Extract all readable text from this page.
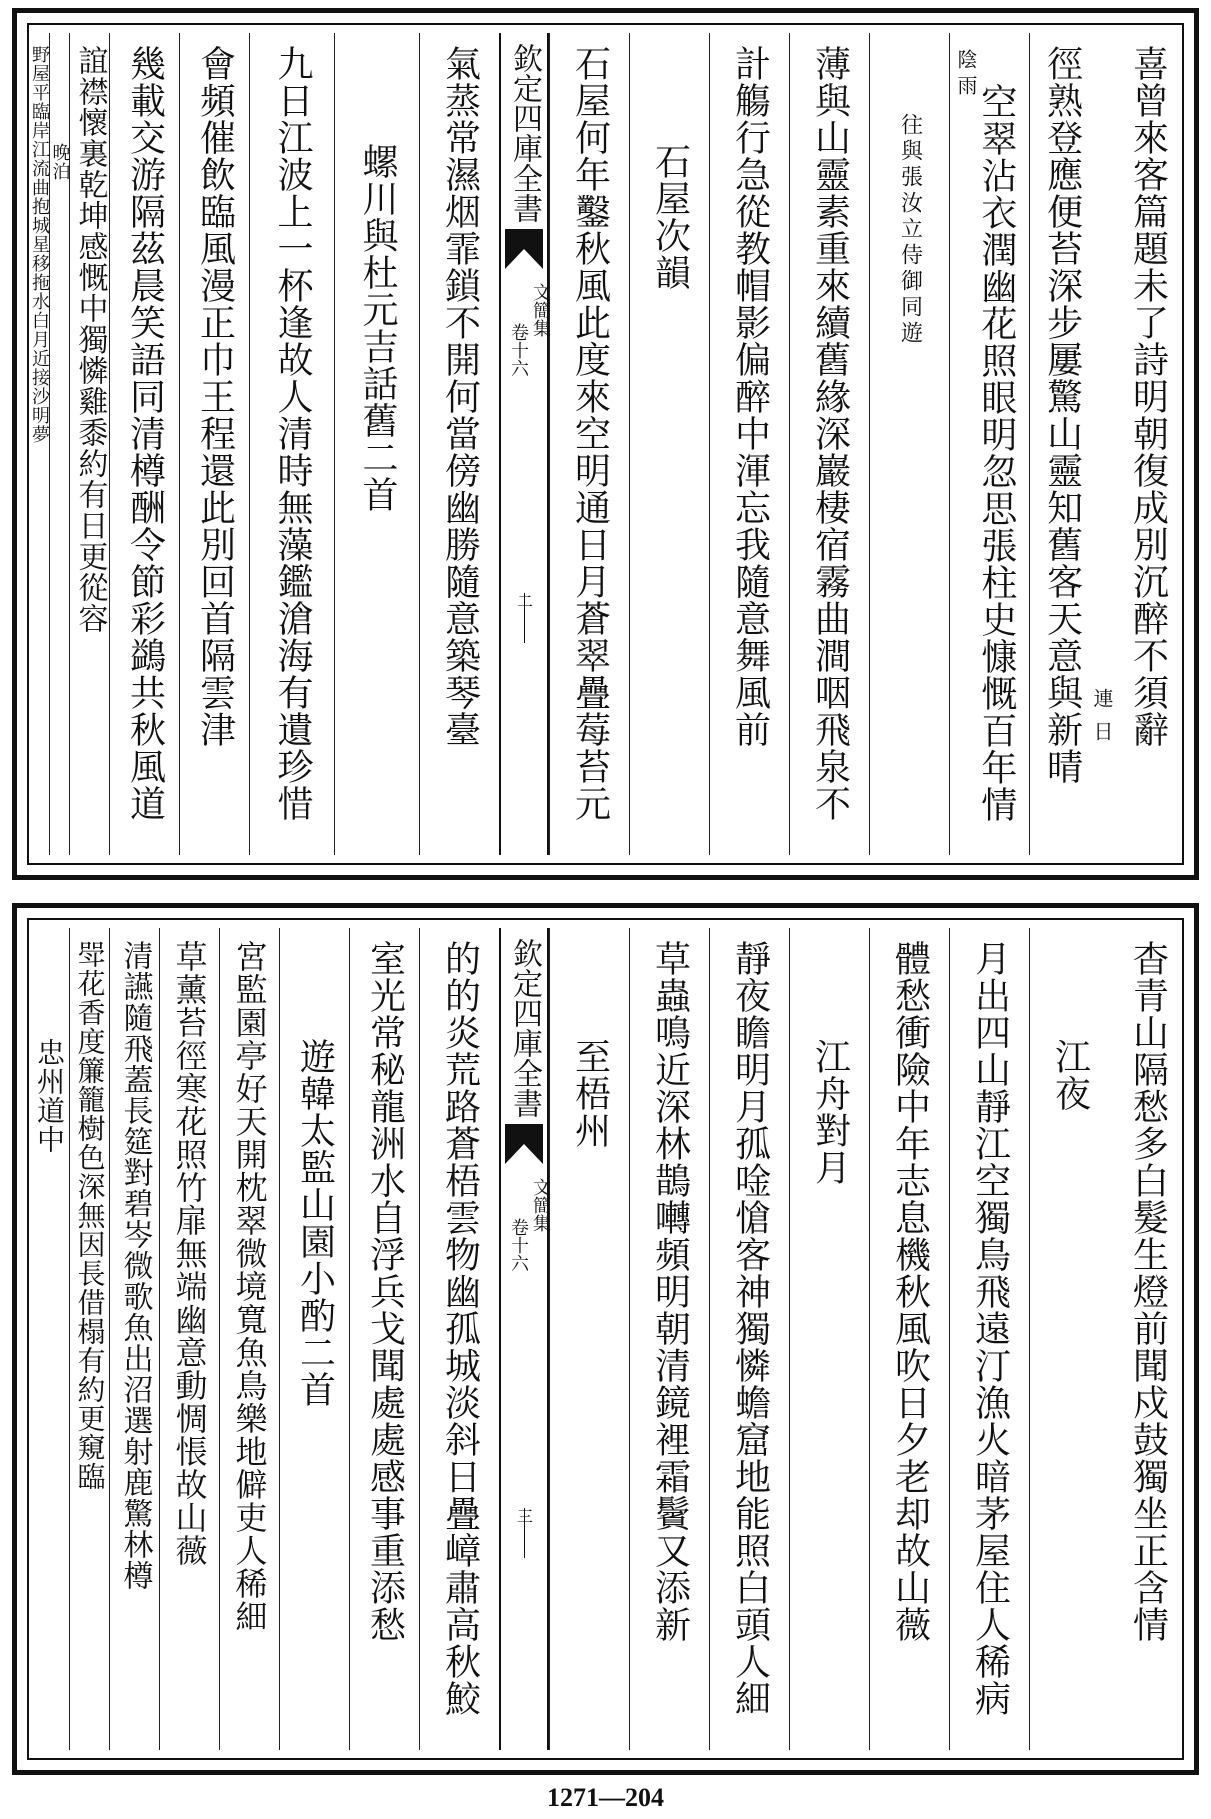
喜曾來客篇題未了詩明朝復成別沉醉不須辭
徑熟登應便苔深步屢驚山靈知舊客天意與新晴 連
日
空翠沾衣潤幽花照眼明忽思張柱史慷慨百年情
陰
雨
往與張汝立侍御同遊
薄與山靈素重來續舊緣深巖棲宿霧曲澗咽飛泉不
計觴行急從教帽影偏醉中渾忘我隨意舞風前
石屋次韻
石屋何年鑿秋風此度來空明通日月蒼翠疊莓苔元
欽定四庫全書
文簡集
卷十六
二
氣蒸常濕烟霏鎖不開何當傍幽勝隨意築琴臺
螺川與杜元吉話舊二首
九日江波上一杯逢故人清時無藻鑑滄海有遺珍惜
會頻催飲臨風漫正巾王程還此別回首隔雲津
幾載交游隔茲晨笑語同清樽酬令節彩鷁共秋風道
誼襟懷裏乾坤感慨中獨憐雞黍約有日更從容
晚泊
野屋平臨岸江流曲抱城星移拖水白月近接沙明夢
杳青山隔愁多白髮生燈前聞戍鼓獨坐正含情
江夜
月出四山靜江空獨鳥飛遠汀漁火暗茅屋住人稀病
體愁衝險中年志息機秋風吹日夕老却故山薇
江舟對月
靜夜瞻明月孤唫愴客神獨憐蟾窟地能照白頭人細
草蟲鳴近深林鵲囀頻明朝清鏡裡霜鬢又添新
至梧州
欽定四庫全書
文簡集
卷十六
三
的的炎荒路蒼梧雲物幽孤城淡斜日疊嶂肅高秋鮫
室光常秘龍洲水自浮兵戈聞處處感事重添愁
遊韓太監山園小酌二首
宮監園亭好天開枕翠微境寬魚鳥樂地僻吏人稀細
草薰苔徑寒花照竹扉無端幽意動惆悵故山薇
清讌隨飛蓋長筵對碧岑微歌魚出沼選射鹿驚林樽
斝花香度簾籠樹色深無因長借榻有約更窺臨
忠州道中
1271—204
